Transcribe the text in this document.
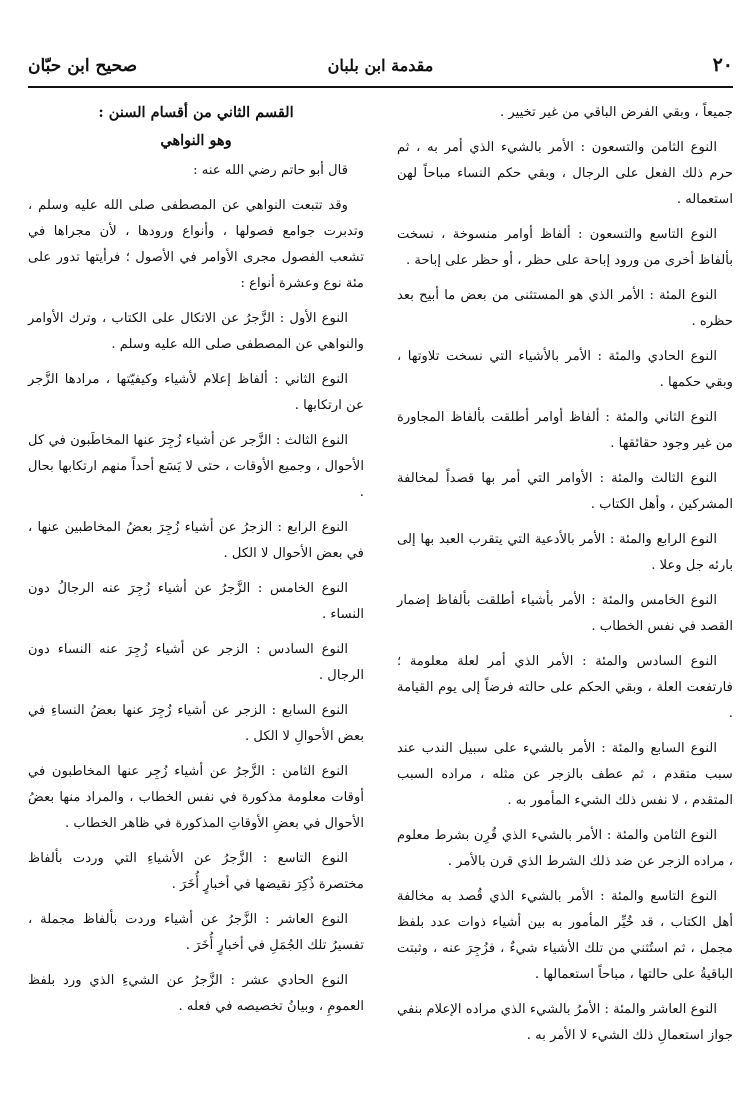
٢٠
مقدمة ابن بلبان
صحيح ابن حبّان

جميعاً ، وبقي الفرض الباقي من غير تخيير .

النوع الثامن والتسعون : الأمر بالشيء الذي أمر به ، ثم حرم ذلك الفعل على الرجال ، وبقي حكم النساء مباحاً لهن استعماله .

النوع التاسع والتسعون : ألفاظ أوامر منسوخة ، نسخت بألفاظ أخرى من ورود إباحة على حظر ، أو حظر على إباحة .

النوع المئة : الأمر الذي هو المستثنى من بعض ما أبيح بعد حظره .

النوع الحادي والمئة : الأمر بالأشياء التي نسخت تلاوتها ، وبقي حكمها .

النوع الثاني والمئة : ألفاظ أوامر أطلقت بألفاظ المجاورة من غير وجود حقائقها .

النوع الثالث والمئة : الأوامر التي أمر بها قصداً لمخالفة المشركين ، وأهل الكتاب .

النوع الرابع والمئة : الأمر بالأدعية التي يتقرب العبد بها إلى بارئه جل وعلا .

النوع الخامس والمئة : الأمر بأشياء أطلقت بألفاظ إضمار القصد في نفس الخطاب .

النوع السادس والمئة : الأمر الذي أمر لعلة معلومة ؛ فارتفعت العلة ، وبقي الحكم على حالته فرضاً إلى يوم القيامة .

النوع السابع والمئة : الأمر بالشيء على سبيل الندب عند سبب متقدم ، ثم عطف بالزجر عن مثله ، مراده السبب المتقدم ، لا نفس ذلك الشيء المأمور به .

النوع الثامن والمئة : الأمر بالشيء الذي قُرِن بشرط معلوم ، مراده الزجر عن ضد ذلك الشرط الذي قرن بالأمر .

النوع التاسع والمئة : الأمر بالشيء الذي قُصد به مخالفة أهل الكتاب ، قد خُيِّر المأمور به بين أشياء ذوات عدد بلفظ مجمل ، ثم استُثني من تلك الأشياء شيءٌ ، فزُجِرَ عنه ، وثبتت الباقيةُ على حالتها ، مباحاً استعمالها .

النوع العاشر والمئة : الأمرُ بالشيء الذي مراده الإعلام بنفي جواز استعمالِ ذلك الشيء لا الأمر به .

القسم الثاني من أقسام السنن :

وهو النواهي

قال أبو حاتم رضي الله عنه :

وقد تتبعت النواهي عن المصطفى صلى الله عليه وسلم ، وتدبرت جوامع فصولها ، وأنواع ورودها ، لأن مجراها في تشعب الفصول مجرى الأوامر في الأصول ؛ فرأيتها تدور على مئة نوع وعشرة أنواع :

النوع الأول : الزَّجرُ عن الاتكال على الكتاب ، وترك الأوامر والنواهي عن المصطفى صلى الله عليه وسلم .

النوع الثاني : ألفاظ إعلام لأشياء وكيفيّتها ، مرادها الزَّجر عن ارتكابها .

النوع الثالث : الزَّجر عن أشياء زُجِرَ عنها المخاطَبون في كل الأحوال ، وجميع الأوقات ، حتى لا يَسَع أحداً منهم ارتكابها بحال .

النوع الرابع : الزجرُ عن أشياء زُجِرَ بعضُ المخاطبين عنها ، في بعض الأحوال لا الكل .

النوع الخامس : الزَّجرُ عن أشياء زُجِرَ عنه الرجالُ دون النساء .

النوع السادس : الزجر عن أشياء زُجِرَ عنه النساء دون الرجال .

النوع السابع : الزجر عن أشياء زُجِرَ عنها بعضُ النساءِ في بعض الأحوالِ لا الكل .

النوع الثامن : الزَّجرُ عن أشياء زُجِر عنها المخاطبون في أوقات معلومة مذكورة في نفس الخطاب ، والمراد منها بعضُ الأحوال في بعضِ الأوقاتِ المذكورة في ظاهر الخطاب .

النوع التاسع : الزَّجرُ عن الأشياءِ التي وردت بألفاظ مختصرة ذُكِرَ نقيضها في أخبارٍ أُخَرَ .

النوع العاشر : الزَّجرُ عن أشياء وردت بألفاظ مجملة ، تفسيرُ تلك الجُمَلِ في أخبارٍ أُخَرَ .

النوع الحادي عشر : الزَّجرُ عن الشيءِ الذي ورد بلفظ العمومِ ، وبيانُ تخصيصه في فعله .
